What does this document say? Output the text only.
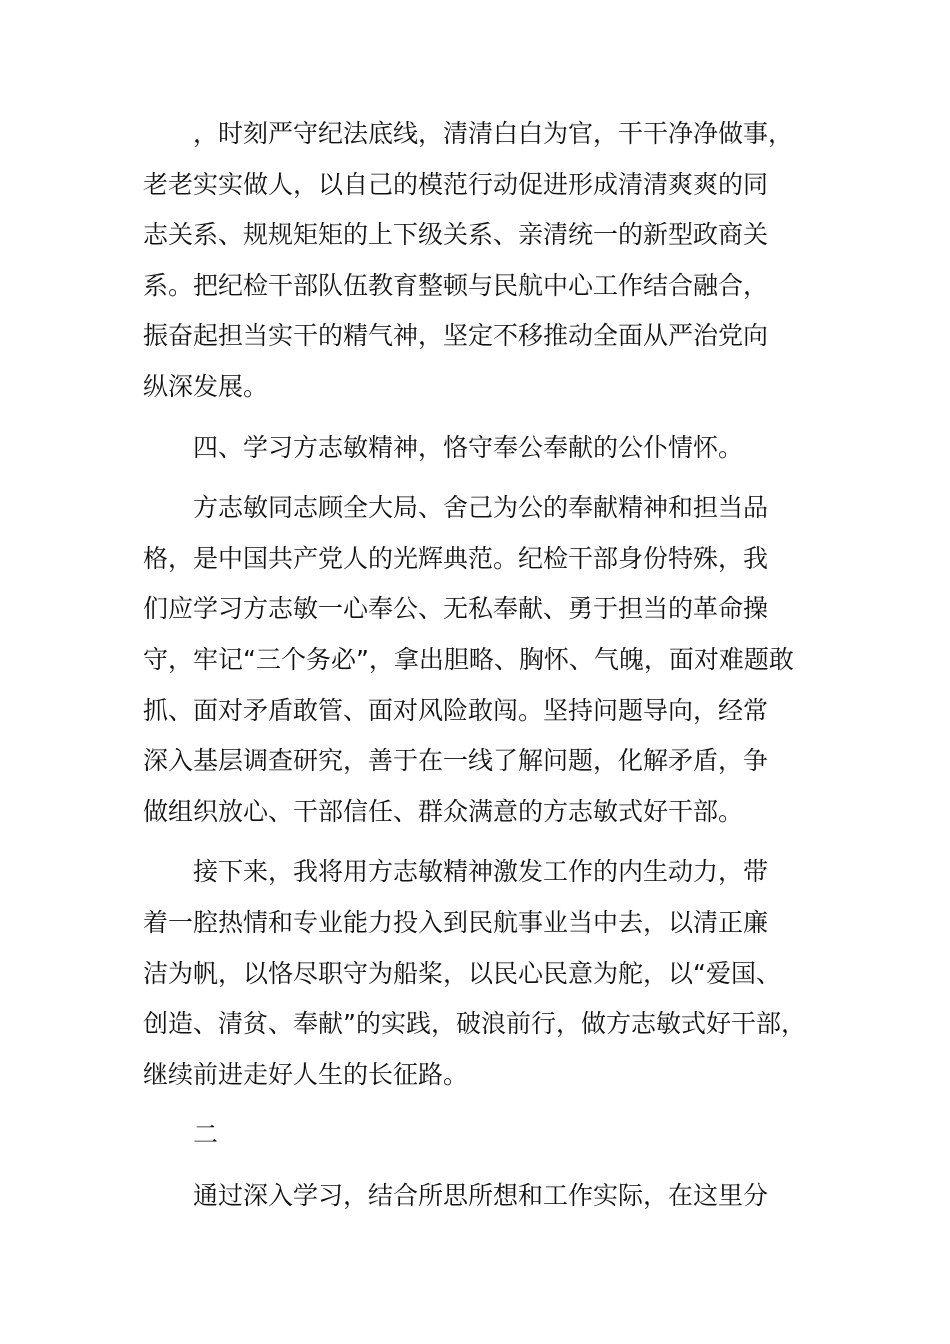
，时刻严守纪法底线，清清白白为官，干干净净做事，
老老实实做人，以自己的模范行动促进形成清清爽爽的同
志关系、规规矩矩的上下级关系、亲清统一的新型政商关
系。把纪检干部队伍教育整顿与民航中心工作结合融合，
振奋起担当实干的精气神，坚定不移推动全面从严治党向
纵深发展。
四、学习方志敏精神，恪守奉公奉献的公仆情怀。
方志敏同志顾全大局、舍己为公的奉献精神和担当品
格，是中国共产党人的光辉典范。纪检干部身份特殊，我
们应学习方志敏一心奉公、无私奉献、勇于担当的革命操
守，牢记“三个务必”，拿出胆略、胸怀、气魄，面对难题敢
抓、面对矛盾敢管、面对风险敢闯。坚持问题导向，经常
深入基层调查研究，善于在一线了解问题，化解矛盾，争
做组织放心、干部信任、群众满意的方志敏式好干部。
接下来，我将用方志敏精神激发工作的内生动力，带
着一腔热情和专业能力投入到民航事业当中去，以清正廉
洁为帆，以恪尽职守为船桨，以民心民意为舵，以“爱国、
创造、清贫、奉献”的实践，破浪前行，做方志敏式好干部，
继续前进走好人生的长征路。
二
通过深入学习，结合所思所想和工作实际，在这里分
